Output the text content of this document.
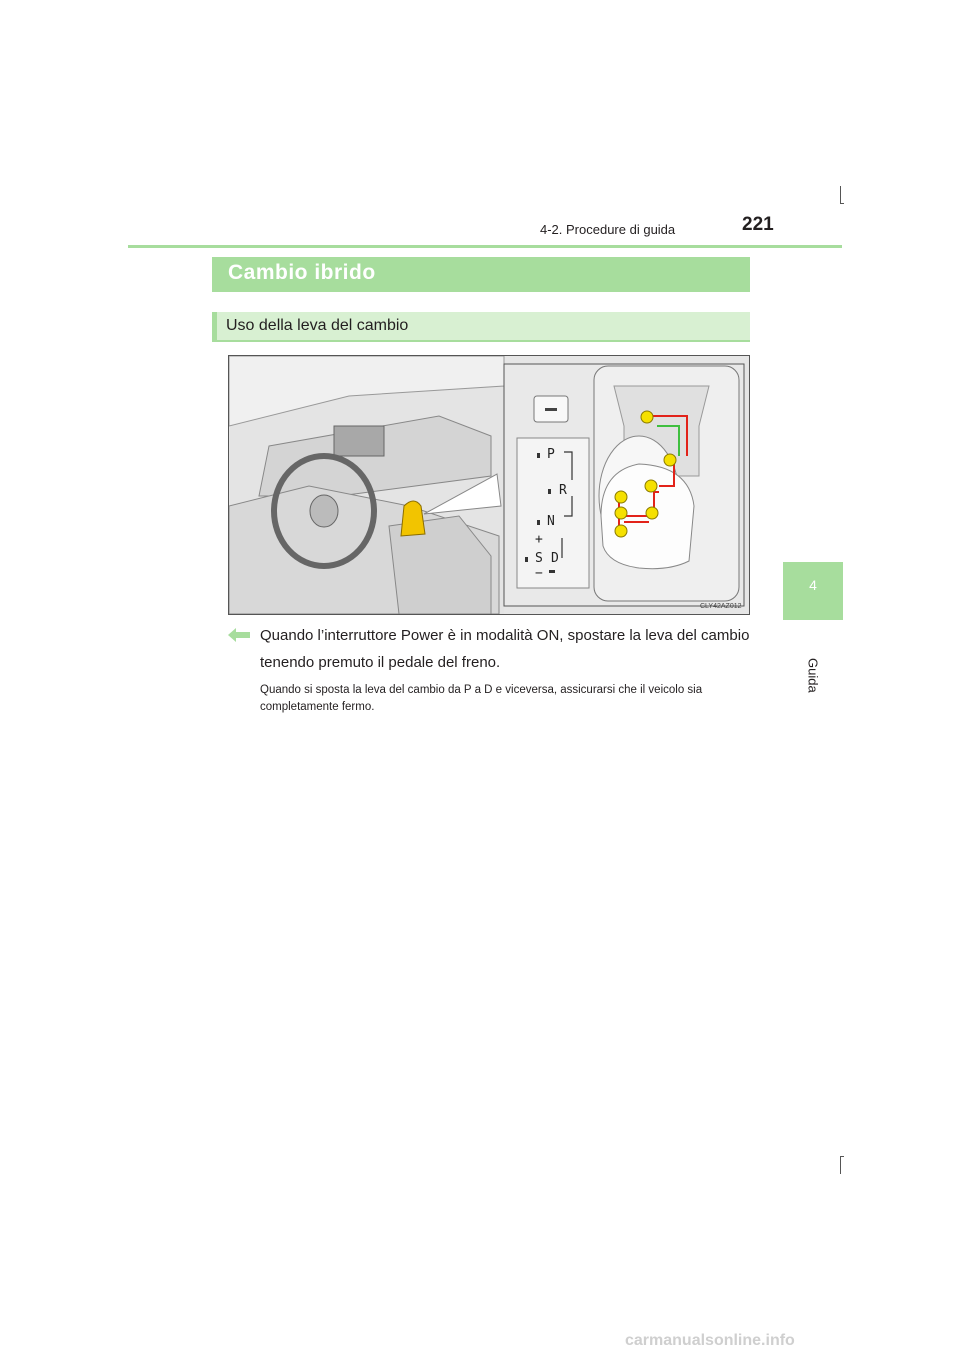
4-2. Procedure di guida	221
4
Guida
Cambio ibrido
Uso della leva del cambio
P
R
N
+
S D
−
CLY42AZ012
Quando l’interruttore Power è in modalità ON, spostare la leva del cambio tenendo premuto il pedale del freno.
Quando si sposta la leva del cambio da P a D e viceversa, assicurarsi che il veicolo sia completamente fermo.
carmanualsonline.info
